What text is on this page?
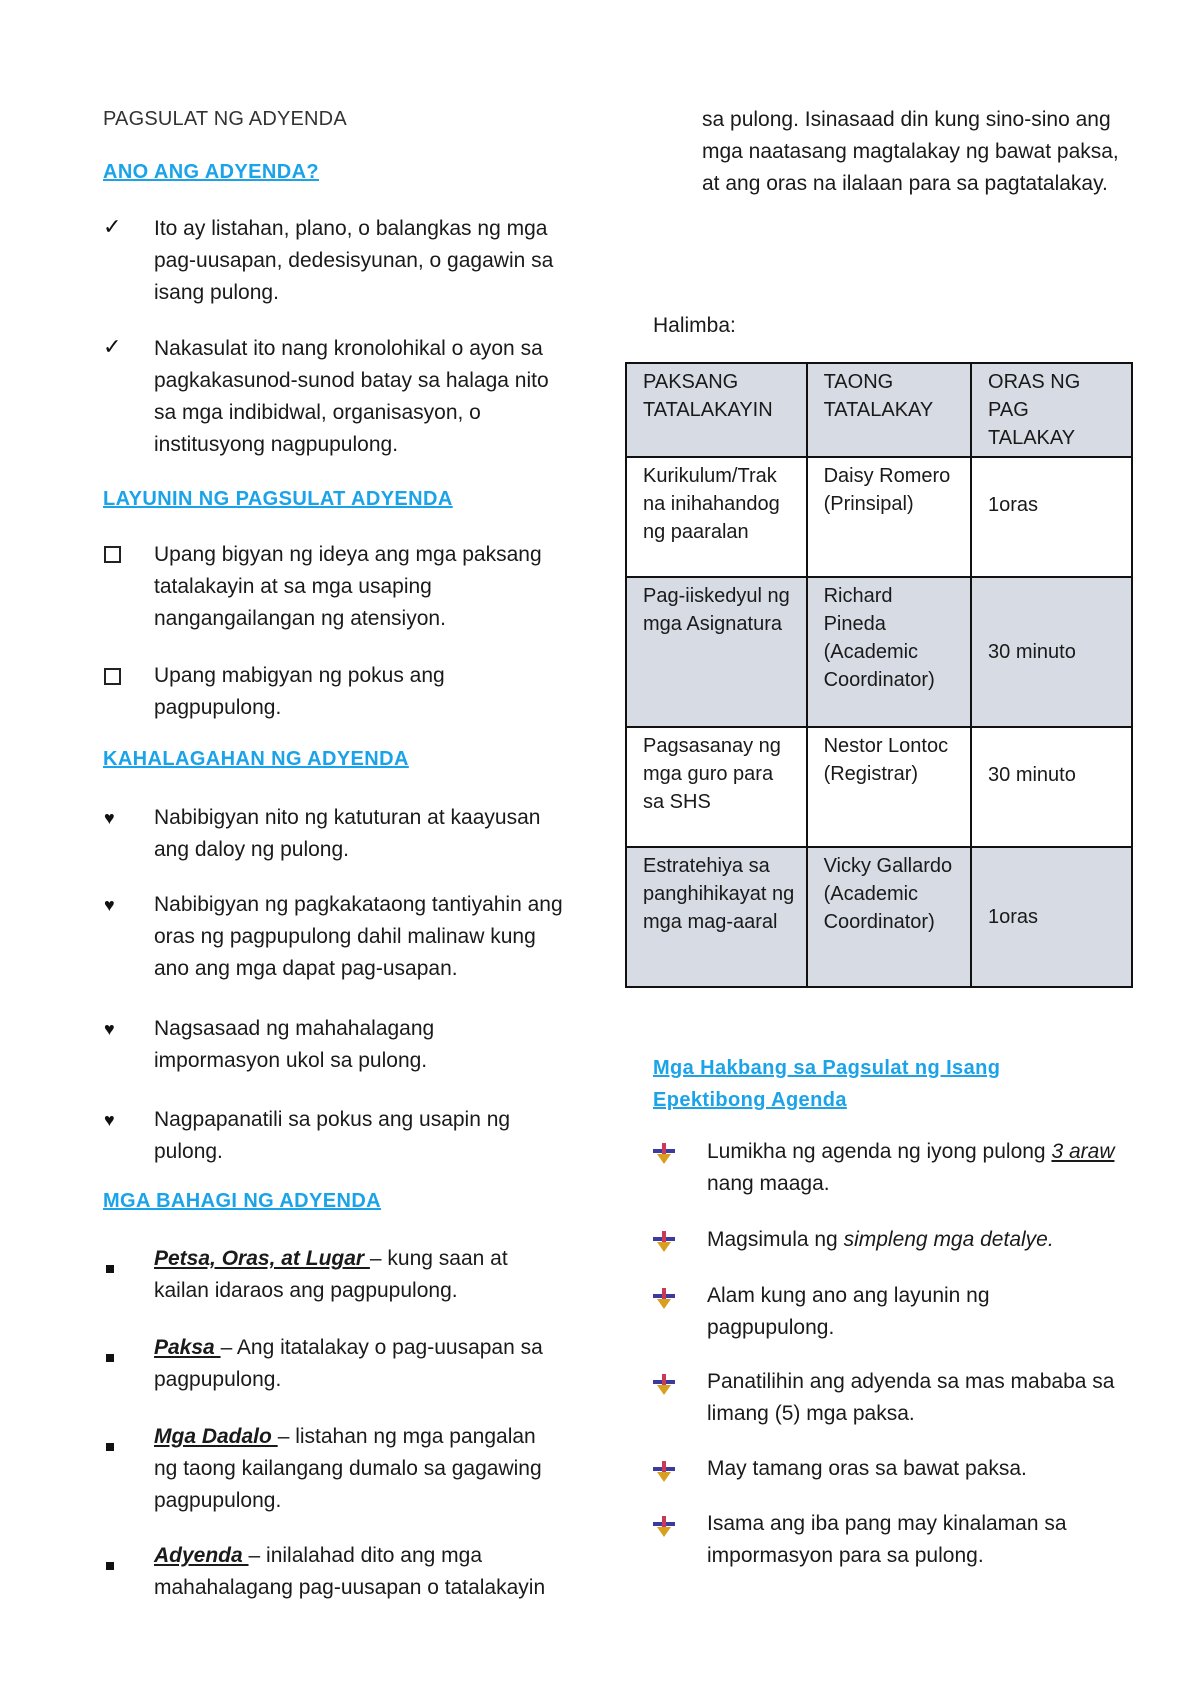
PAGSULAT NG ADYENDA
ANO ANG ADYENDA?
✓ Ito ay listahan, plano, o balangkas ng mga pag-uusapan, dedesisyunan, o gagawin sa isang pulong.
✓ Nakasulat ito nang kronolohikal o ayon sa pagkakasunod-sunod batay sa halaga nito sa mga indibidwal, organisasyon, o institusyong nagpupulong.
LAYUNIN NG PAGSULAT ADYENDA
Upang bigyan ng ideya ang mga paksang tatalakayin at sa mga usaping nangangailangan ng atensiyon.
Upang mabigyan ng pokus ang pagpupulong.
KAHALAGAHAN NG ADYENDA
♥ Nabibigyan nito ng katuturan at kaayusan ang daloy ng pulong.
♥ Nabibigyan ng pagkakataong tantiyahin ang oras ng pagpupulong dahil malinaw kung ano ang mga dapat pag-usapan.
♥ Nagsasaad ng mahahalagang impormasyon ukol sa pulong.
♥ Nagpapanatili sa pokus ang usapin ng pulong.
MGA BAHAGI NG ADYENDA
Petsa, Oras, at Lugar – kung saan at kailan idaraos ang pagpupulong.
Paksa – Ang itatalakay o pag-uusapan sa pagpupulong.
Mga Dadalo – listahan ng mga pangalan ng taong kailangang dumalo sa gagawing pagpupulong.
Adyenda – inilalahad dito ang mga mahahalagang pag-uusapan o tatalakayin
sa pulong. Isinasaad din kung sino-sino ang mga naatasang magtalakay ng bawat paksa, at ang oras na ilalaan para sa pagtatalakay.
Halimba:
PAKSANG TATALAKAYIN	TAONG TATALAKAY	ORAS NG PAG TALAKAY
Kurikulum/Trak na inihahandog ng paaralan	Daisy Romero (Prinsipal)	1oras
Pag-iiskedyul ng mga Asignatura	Richard Pineda (Academic Coordinator)	30 minuto
Pagsasanay ng mga guro para sa SHS	Nestor Lontoc (Registrar)	30 minuto
Estratehiya sa panghihikayat ng mga mag-aaral	Vicky Gallardo (Academic Coordinator)	1oras
Mga Hakbang sa Pagsulat ng Isang
Epektibong Agenda
Lumikha ng agenda ng iyong pulong 3 araw nang maaga.
Magsimula ng simpleng mga detalye.
Alam kung ano ang layunin ng pagpupulong.
Panatilihin ang adyenda sa mas mababa sa limang (5) mga paksa.
May tamang oras sa bawat paksa.
Isama ang iba pang may kinalaman sa impormasyon para sa pulong.
